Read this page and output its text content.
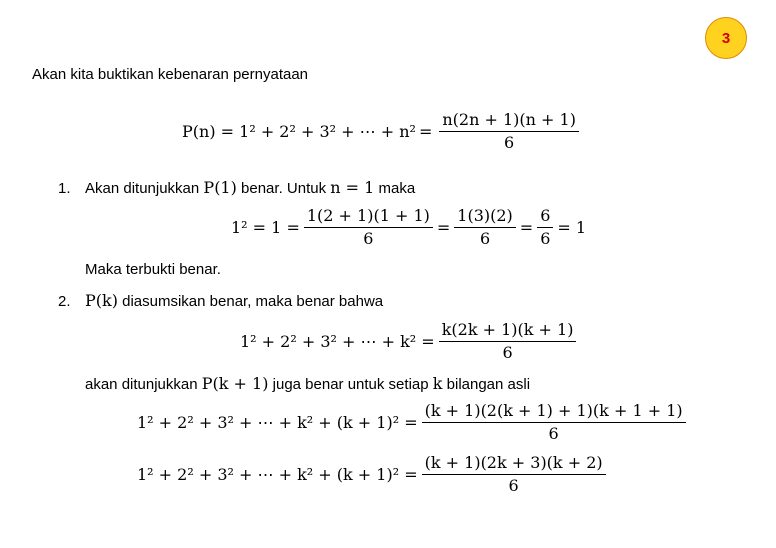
3
Akan kita buktikan kebenaran pernyataan
P(n) = 1² + 2² + 3² + ⋯ + $n^2 = \frac{n(2n + 1)(n + 1)}{6}$
1. Akan ditunjukkan P(1) benar. Untuk n = 1 maka
$1^2 = 1 = \frac{1(2 + 1)(1 + 1)}{6} = \frac{1(3)(2)}{6} = \frac{6}{6} = 1$
Maka terbukti benar.
2. P(k) diasumsikan benar, maka benar bahwa
1² + 2² + 3² + ⋯ + $k^2 = \frac{k(2k + 1)(k + 1)}{6}$
akan ditunjukkan P(k + 1) juga benar untuk setiap k bilangan asli
1² + 2² + 3² + ⋯ + $k^2 + (k + 1)^2 = \frac{(k + 1)(2(k + 1) + 1)(k + 1 + 1)}{6}$
1² + 2² + 3² + ⋯ + $k^2 + (k + 1)^2 = \frac{(k + 1)(2k + 3)(k + 2)}{6}$
